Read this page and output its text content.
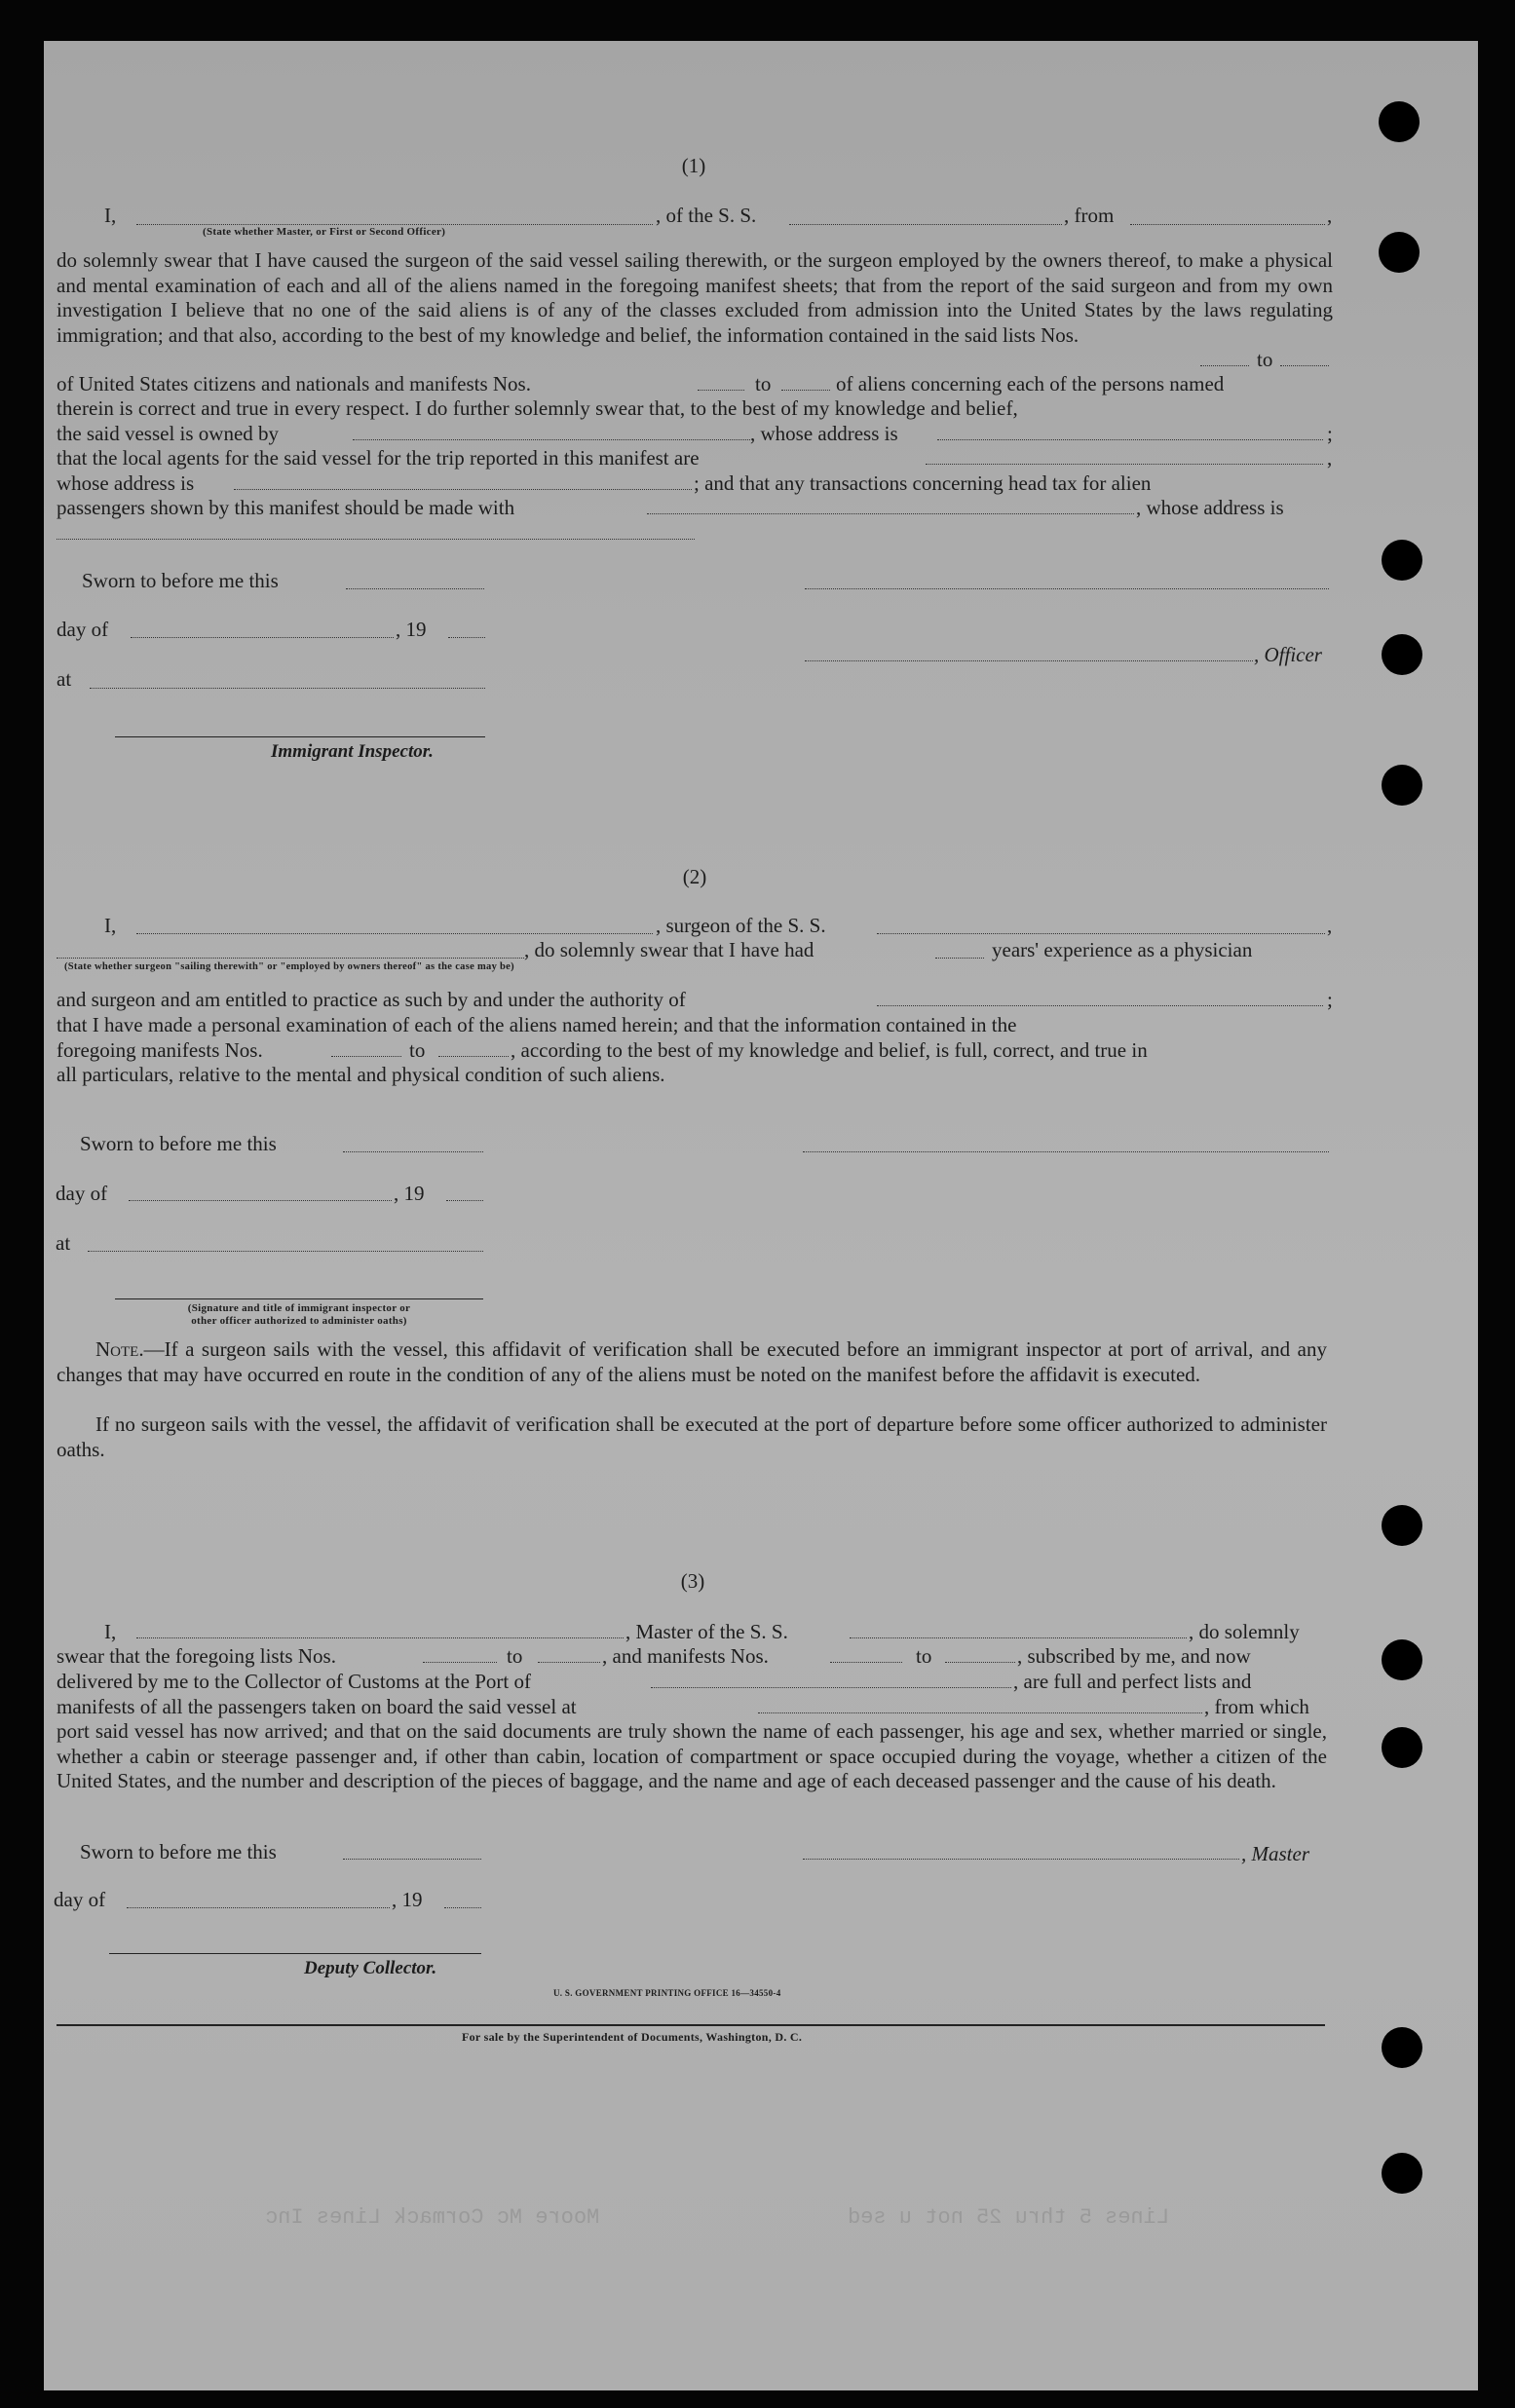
(1)
I,	, of the S. S.	, from	,
(State whether Master, or First or Second Officer)
do solemnly swear that I have caused the surgeon of the said vessel sailing therewith, or the surgeon employed by the owners thereof, to make a physical and mental examination of each and all of the aliens named in the foregoing manifest sheets; that from the report of the said surgeon and from my own investigation I believe that no one of the said aliens is of any of the classes excluded from admission into the United States by the laws regulating immigration; and that also, according to the best of my knowledge and belief, the information contained in the said lists Nos.
to
of United States citizens and nationals and manifests Nos.	to	of aliens concerning each of the persons named
therein is correct and true in every respect. I do further solemnly swear that, to the best of my knowledge and belief,
the said vessel is owned by	, whose address is	;
that the local agents for the said vessel for the trip reported in this manifest are	,
whose address is	; and that any transactions concerning head tax for alien
passengers shown by this manifest should be made with	, whose address is
Sworn to before me this
day of	, 19
at
Immigrant Inspector.
, Officer
(2)
I,	, surgeon of the S. S.	,
, do solemnly swear that I have had	years' experience as a physician
(State whether surgeon "sailing therewith" or "employed by owners thereof" as the case may be)
and surgeon and am entitled to practice as such by and under the authority of	;
that I have made a personal examination of each of the aliens named herein; and that the information contained in the
foregoing manifests Nos.	to	, according to the best of my knowledge and belief, is full, correct, and true in
all particulars, relative to the mental and physical condition of such aliens.
Sworn to before me this
day of	, 19
at
(Signature and title of immigrant inspector or
other officer authorized to administer oaths)
Note.—If a surgeon sails with the vessel, this affidavit of verification shall be executed before an immigrant inspector at port of arrival, and any changes that may have occurred en route in the condition of any of the aliens must be noted on the manifest before the affidavit is executed.
If no surgeon sails with the vessel, the affidavit of verification shall be executed at the port of departure before some officer authorized to administer oaths.
(3)
I,	, Master of the S. S.	, do solemnly
swear that the foregoing lists Nos.	to	, and manifests Nos.	to	, subscribed by me, and now
delivered by me to the Collector of Customs at the Port of	, are full and perfect lists and
manifests of all the passengers taken on board the said vessel at	, from which
port said vessel has now arrived; and that on the said documents are truly shown the name of each passenger, his age and sex, whether married or single, whether a cabin or steerage passenger and, if other than cabin, location of compartment or space occupied during the voyage, whether a citizen of the United States, and the number and description of the pieces of baggage, and the name and age of each deceased passenger and the cause of his death.
Sworn to before me this	, Master
day of	, 19
Deputy Collector.
U. S. GOVERNMENT PRINTING OFFICE 16—34550-4
For sale by the Superintendent of Documents, Washington, D. C.
Moore Mc Cormack Lines Inc	Lines 5 thru 25 not u sed
